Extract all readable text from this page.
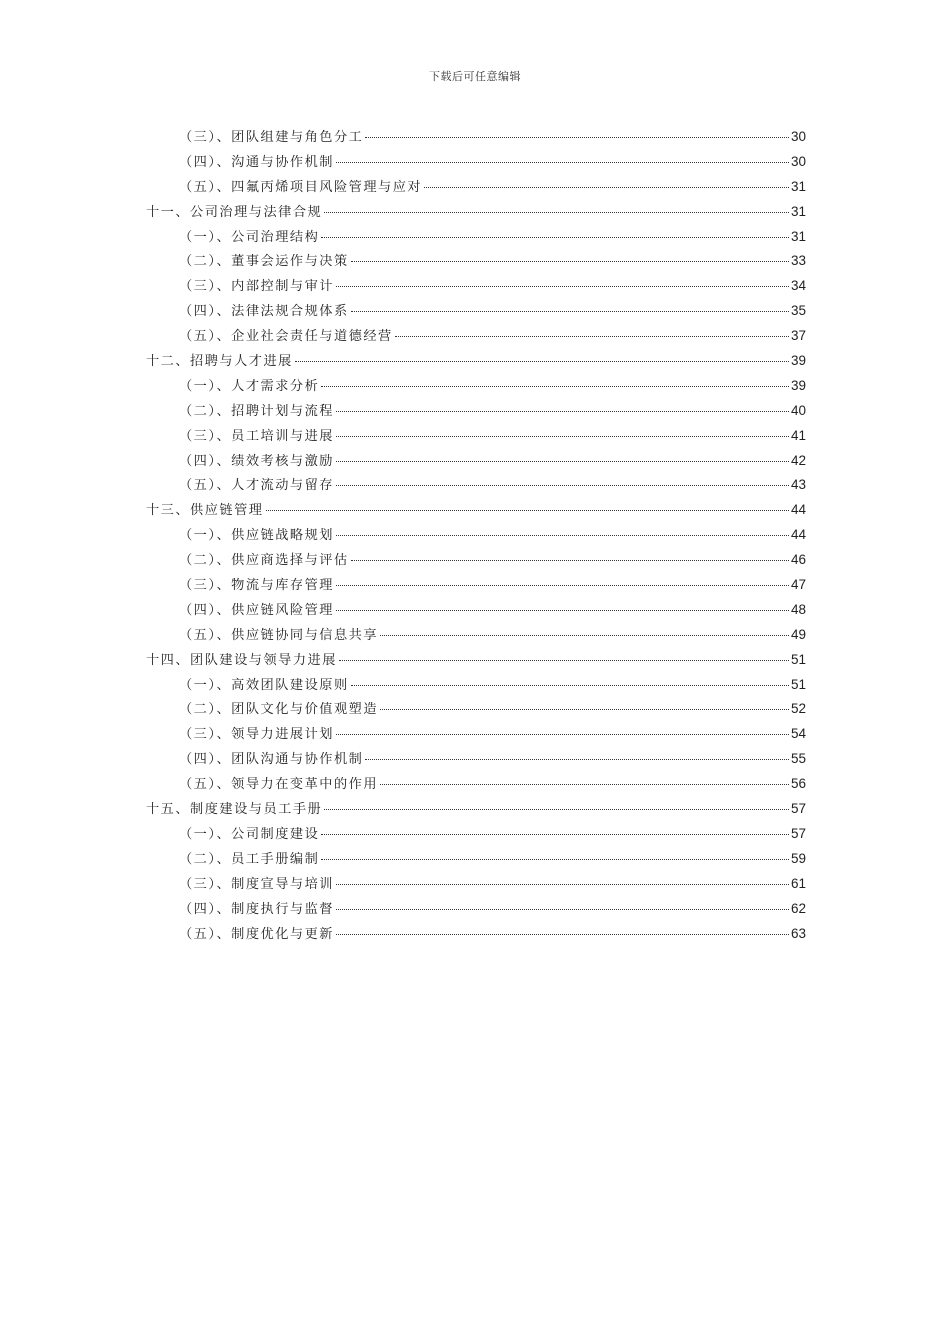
下载后可任意编辑
（三）、团队组建与角色分工	30
（四）、沟通与协作机制	30
（五）、四氟丙烯项目风险管理与应对	31
十一、公司治理与法律合规	31
（一）、公司治理结构	31
（二）、董事会运作与决策	33
（三）、内部控制与审计	34
（四）、法律法规合规体系	35
（五）、企业社会责任与道德经营	37
十二、招聘与人才进展	39
（一）、人才需求分析	39
（二）、招聘计划与流程	40
（三）、员工培训与进展	41
（四）、绩效考核与激励	42
（五）、人才流动与留存	43
十三、供应链管理	44
（一）、供应链战略规划	44
（二）、供应商选择与评估	46
（三）、物流与库存管理	47
（四）、供应链风险管理	48
（五）、供应链协同与信息共享	49
十四、团队建设与领导力进展	51
（一）、高效团队建设原则	51
（二）、团队文化与价值观塑造	52
（三）、领导力进展计划	54
（四）、团队沟通与协作机制	55
（五）、领导力在变革中的作用	56
十五、制度建设与员工手册	57
（一）、公司制度建设	57
（二）、员工手册编制	59
（三）、制度宣导与培训	61
（四）、制度执行与监督	62
（五）、制度优化与更新	63
